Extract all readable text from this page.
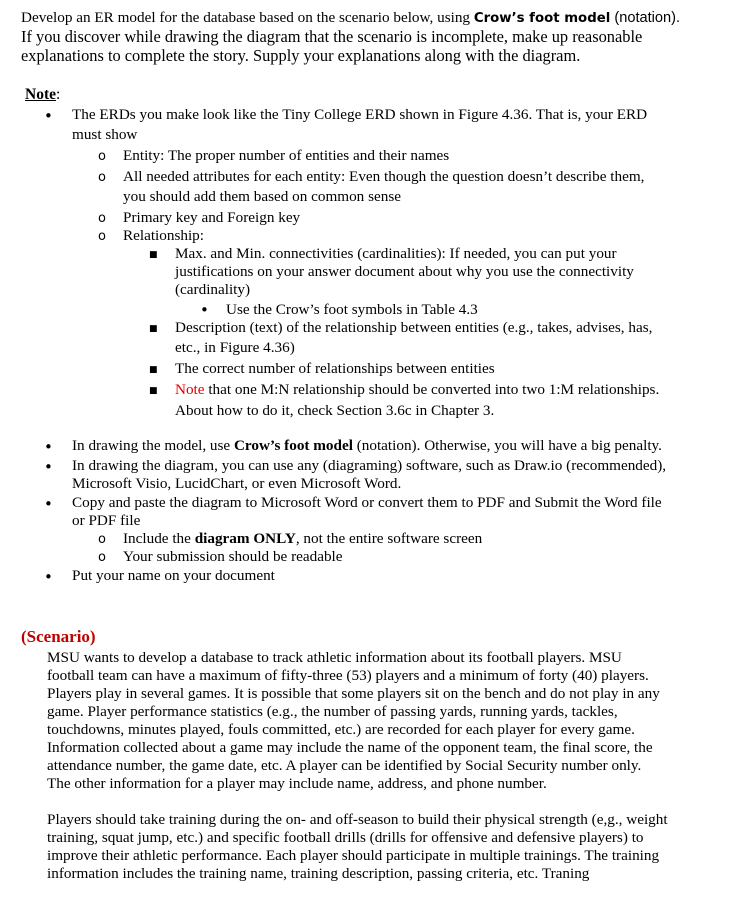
Develop an ER model for the database based on the scenario below, using Crow’s foot model (notation).
If you discover while drawing the diagram that the scenario is incomplete, make up reasonable
explanations to complete the story. Supply your explanations along with the diagram.
Note:
• The ERDs you make look like the Tiny College ERD shown in Figure 4.36. That is, your ERD
must show
o Entity: The proper number of entities and their names
o All needed attributes for each entity: Even though the question doesn’t describe them,
you should add them based on common sense
o Primary key and Foreign key
o Relationship:
■ Max. and Min. connectivities (cardinalities): If needed, you can put your
justifications on your answer document about why you use the connectivity
(cardinality)
• Use the Crow’s foot symbols in Table 4.3
■ Description (text) of the relationship between entities (e.g., takes, advises, has,
etc., in Figure 4.36)
■ The correct number of relationships between entities
■ Note that one M:N relationship should be converted into two 1:M relationships.
About how to do it, check Section 3.6c in Chapter 3.
• In drawing the model, use Crow’s foot model (notation). Otherwise, you will have a big penalty.
• In drawing the diagram, you can use any (diagraming) software, such as Draw.io (recommended),
Microsoft Visio, LucidChart, or even Microsoft Word.
• Copy and paste the diagram to Microsoft Word or convert them to PDF and Submit the Word file
or PDF file
o Include the diagram ONLY, not the entire software screen
o Your submission should be readable
• Put your name on your document
(Scenario)
MSU wants to develop a database to track athletic information about its football players. MSU
football team can have a maximum of fifty-three (53) players and a minimum of forty (40) players.
Players play in several games. It is possible that some players sit on the bench and do not play in any
game. Player performance statistics (e.g., the number of passing yards, running yards, tackles,
touchdowns, minutes played, fouls committed, etc.) are recorded for each player for every game.
Information collected about a game may include the name of the opponent team, the final score, the
attendance number, the game date, etc. A player can be identified by Social Security number only.
The other information for a player may include name, address, and phone number.
Players should take training during the on- and off-season to build their physical strength (e,g., weight
training, squat jump, etc.) and specific football drills (drills for offensive and defensive players) to
improve their athletic performance. Each player should participate in multiple trainings. The training
information includes the training name, training description, passing criteria, etc. Traning
